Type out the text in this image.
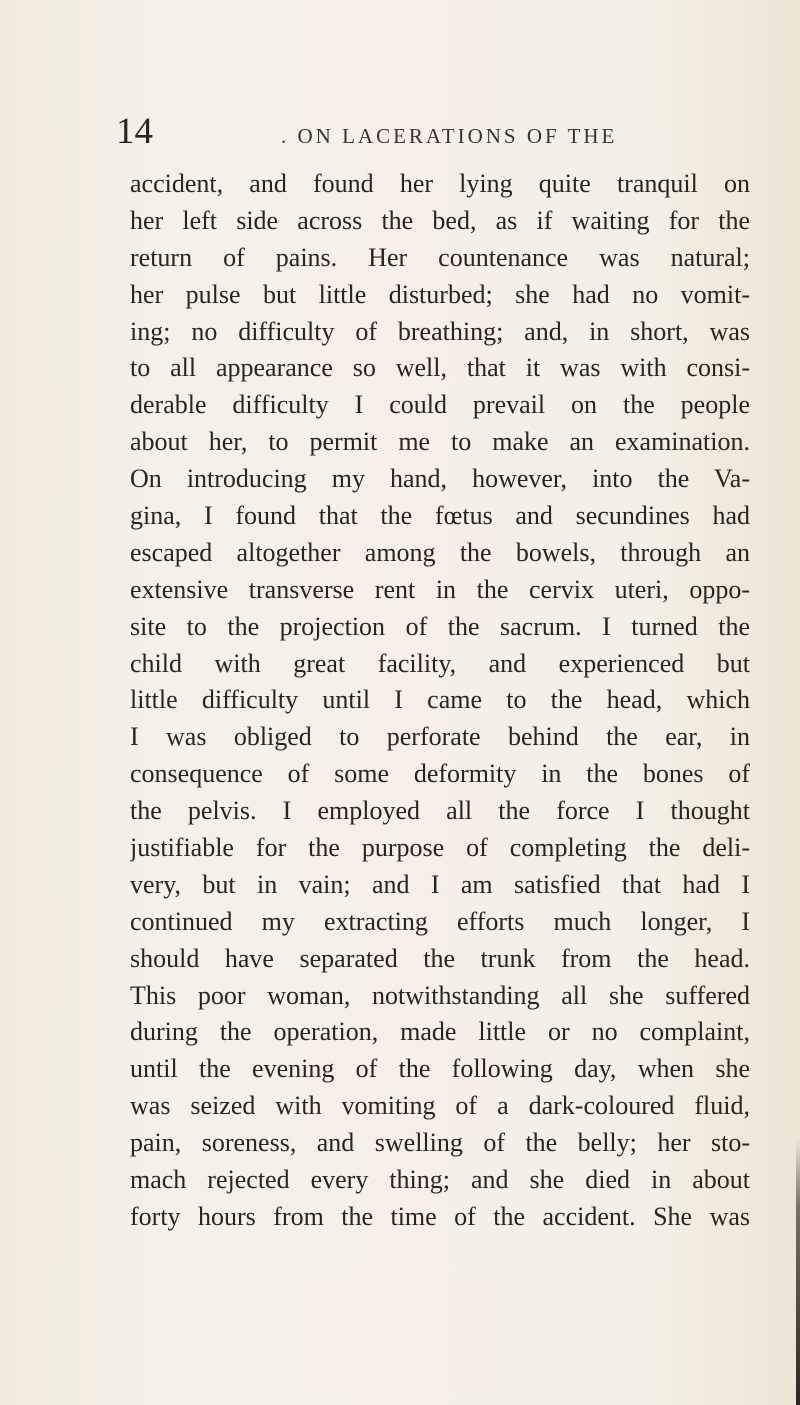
14	. ON LACERATIONS OF THE
accident, and found her lying quite tranquil on
her left side across the bed, as if waiting for the
return of pains. Her countenance was natural;
her pulse but little disturbed; she had no vomit-
ing; no difficulty of breathing; and, in short, was
to all appearance so well, that it was with consi-
derable difficulty I could prevail on the people
about her, to permit me to make an examination.
On introducing my hand, however, into the Va-
gina, I found that the fœtus and secundines had
escaped altogether among the bowels, through an
extensive transverse rent in the cervix uteri, oppo-
site to the projection of the sacrum. I turned the
child with great facility, and experienced but
little difficulty until I came to the head, which
I was obliged to perforate behind the ear, in
consequence of some deformity in the bones of
the pelvis. I employed all the force I thought
justifiable for the purpose of completing the deli-
very, but in vain; and I am satisfied that had I
continued my extracting efforts much longer, I
should have separated the trunk from the head.
This poor woman, notwithstanding all she suffered
during the operation, made little or no complaint,
until the evening of the following day, when she
was seized with vomiting of a dark-coloured fluid,
pain, soreness, and swelling of the belly; her sto-
mach rejected every thing; and she died in about
forty hours from the time of the accident. She was
